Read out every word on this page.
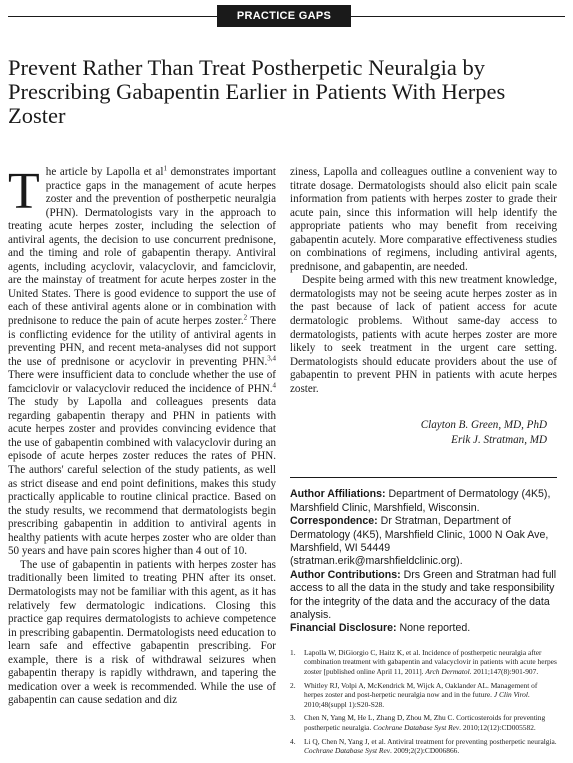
PRACTICE GAPS
Prevent Rather Than Treat Postherpetic Neuralgia by Prescribing Gabapentin Earlier in Patients With Herpes Zoster

The article by Lapolla et $al^1$ demonstrates important practice gaps in the management of acute herpes zoster and the prevention of postherpetic neuralgia (PHN). Dermatologists vary in the approach to treating acute herpes zoster, including the selection of antiviral agents, the decision to use concurrent prednisone, and the timing and role of gabapentin therapy. Antiviral agents, including acyclovir, valacyclovir, and famciclovir, are the mainstay of treatment for acute herpes zoster in the United States. There is good evidence to support the use of each of these antiviral agents alone or in combination with prednisone to reduce the pain of acute herpes zoster.$^2$ There is conflicting evidence for the utility of antiviral agents in preventing PHN, and recent meta-analyses did not support the use of prednisone or acyclovir in preventing PHN.$^{3,4}$ There were insufficient data to conclude whether the use of famciclovir or valacyclovir reduced the incidence of PHN.$^4$ The study by Lapolla and colleagues presents data regarding gabapentin therapy and PHN in patients with acute herpes zoster and provides convincing evidence that the use of gabapentin combined with valacyclovir during an episode of acute herpes zoster reduces the rates of PHN. The authors' careful selection of the study patients, as well as strict disease and end point definitions, makes this study practically applicable to routine clinical practice. Based on the study results, we recommend that dermatologists begin prescribing gabapentin in addition to antiviral agents in healthy patients with acute herpes zoster who are older than 50 years and have pain scores higher than 4 out of 10.

The use of gabapentin in patients with herpes zoster has traditionally been limited to treating PHN after its onset. Dermatologists may not be familiar with this agent, as it has relatively few dermatologic indications. Closing this practice gap requires dermatologists to achieve competence in prescribing gabapentin. Dermatologists need education to learn safe and effective gabapentin prescribing. For example, there is a risk of withdrawal seizures when gabapentin therapy is rapidly withdrawn, and tapering the medication over a week is recommended. While the use of gabapentin can cause sedation and diz

ziness, Lapolla and colleagues outline a convenient way to titrate dosage. Dermatologists should also elicit pain scale information from patients with herpes zoster to grade their acute pain, since this information will help identify the appropriate patients who may benefit from receiving gabapentin acutely. More comparative effectiveness studies on combinations of regimens, including antiviral agents, prednisone, and gabapentin, are needed.

Despite being armed with this new treatment knowledge, dermatologists may not be seeing acute herpes zoster as in the past because of lack of patient access for acute dermatologic problems. Without same-day access to dermatologists, patients with acute herpes zoster are more likely to seek treatment in the urgent care setting. Dermatologists should educate providers about the use of gabapentin to prevent PHN in patients with acute herpes zoster.

Clayton B. Green, MD, PhD
Erik J. Stratman, MD

Author Affiliations: Department of Dermatology (4K5), Marshfield Clinic, Marshfield, Wisconsin.

Correspondence: Dr Stratman, Department of Dermatology (4K5), Marshfield Clinic, 1000 N Oak Ave, Marshfield, WI 54449 (stratman.erik@marshfieldclinic.org).

Author Contributions: Drs Green and Stratman had full access to all the data in the study and take responsibility for the integrity of the data and the accuracy of the data analysis.

Financial Disclosure: None reported.

1.	Lapolla W, DiGiorgio C, Haitz K, et al. Incidence of postherpetic neuralgia after combination treatment with gabapentin and valacyclovir in patients with acute herpes zoster [published online April 11, 2011]. Arch Dermatol. 2011;147(8):901-907.
2.	Whitley RJ, Volpi A, McKendrick M, Wijck A, Oaklander AL. Management of herpes zoster and post-herpetic neuralgia now and in the future. J Clin Virol. 2010;48(suppl 1):S20-S28.
3.	Chen N, Yang M, He L, Zhang D, Zhou M, Zhu C. Corticosteroids for preventing postherpetic neuralgia. Cochrane Database Syst Rev. 2010;12(12):CD005582.
4.	Li Q, Chen N, Yang J, et al. Antiviral treatment for preventing postherpetic neuralgia. Cochrane Database Syst Rev. 2009;2(2):CD006866.
